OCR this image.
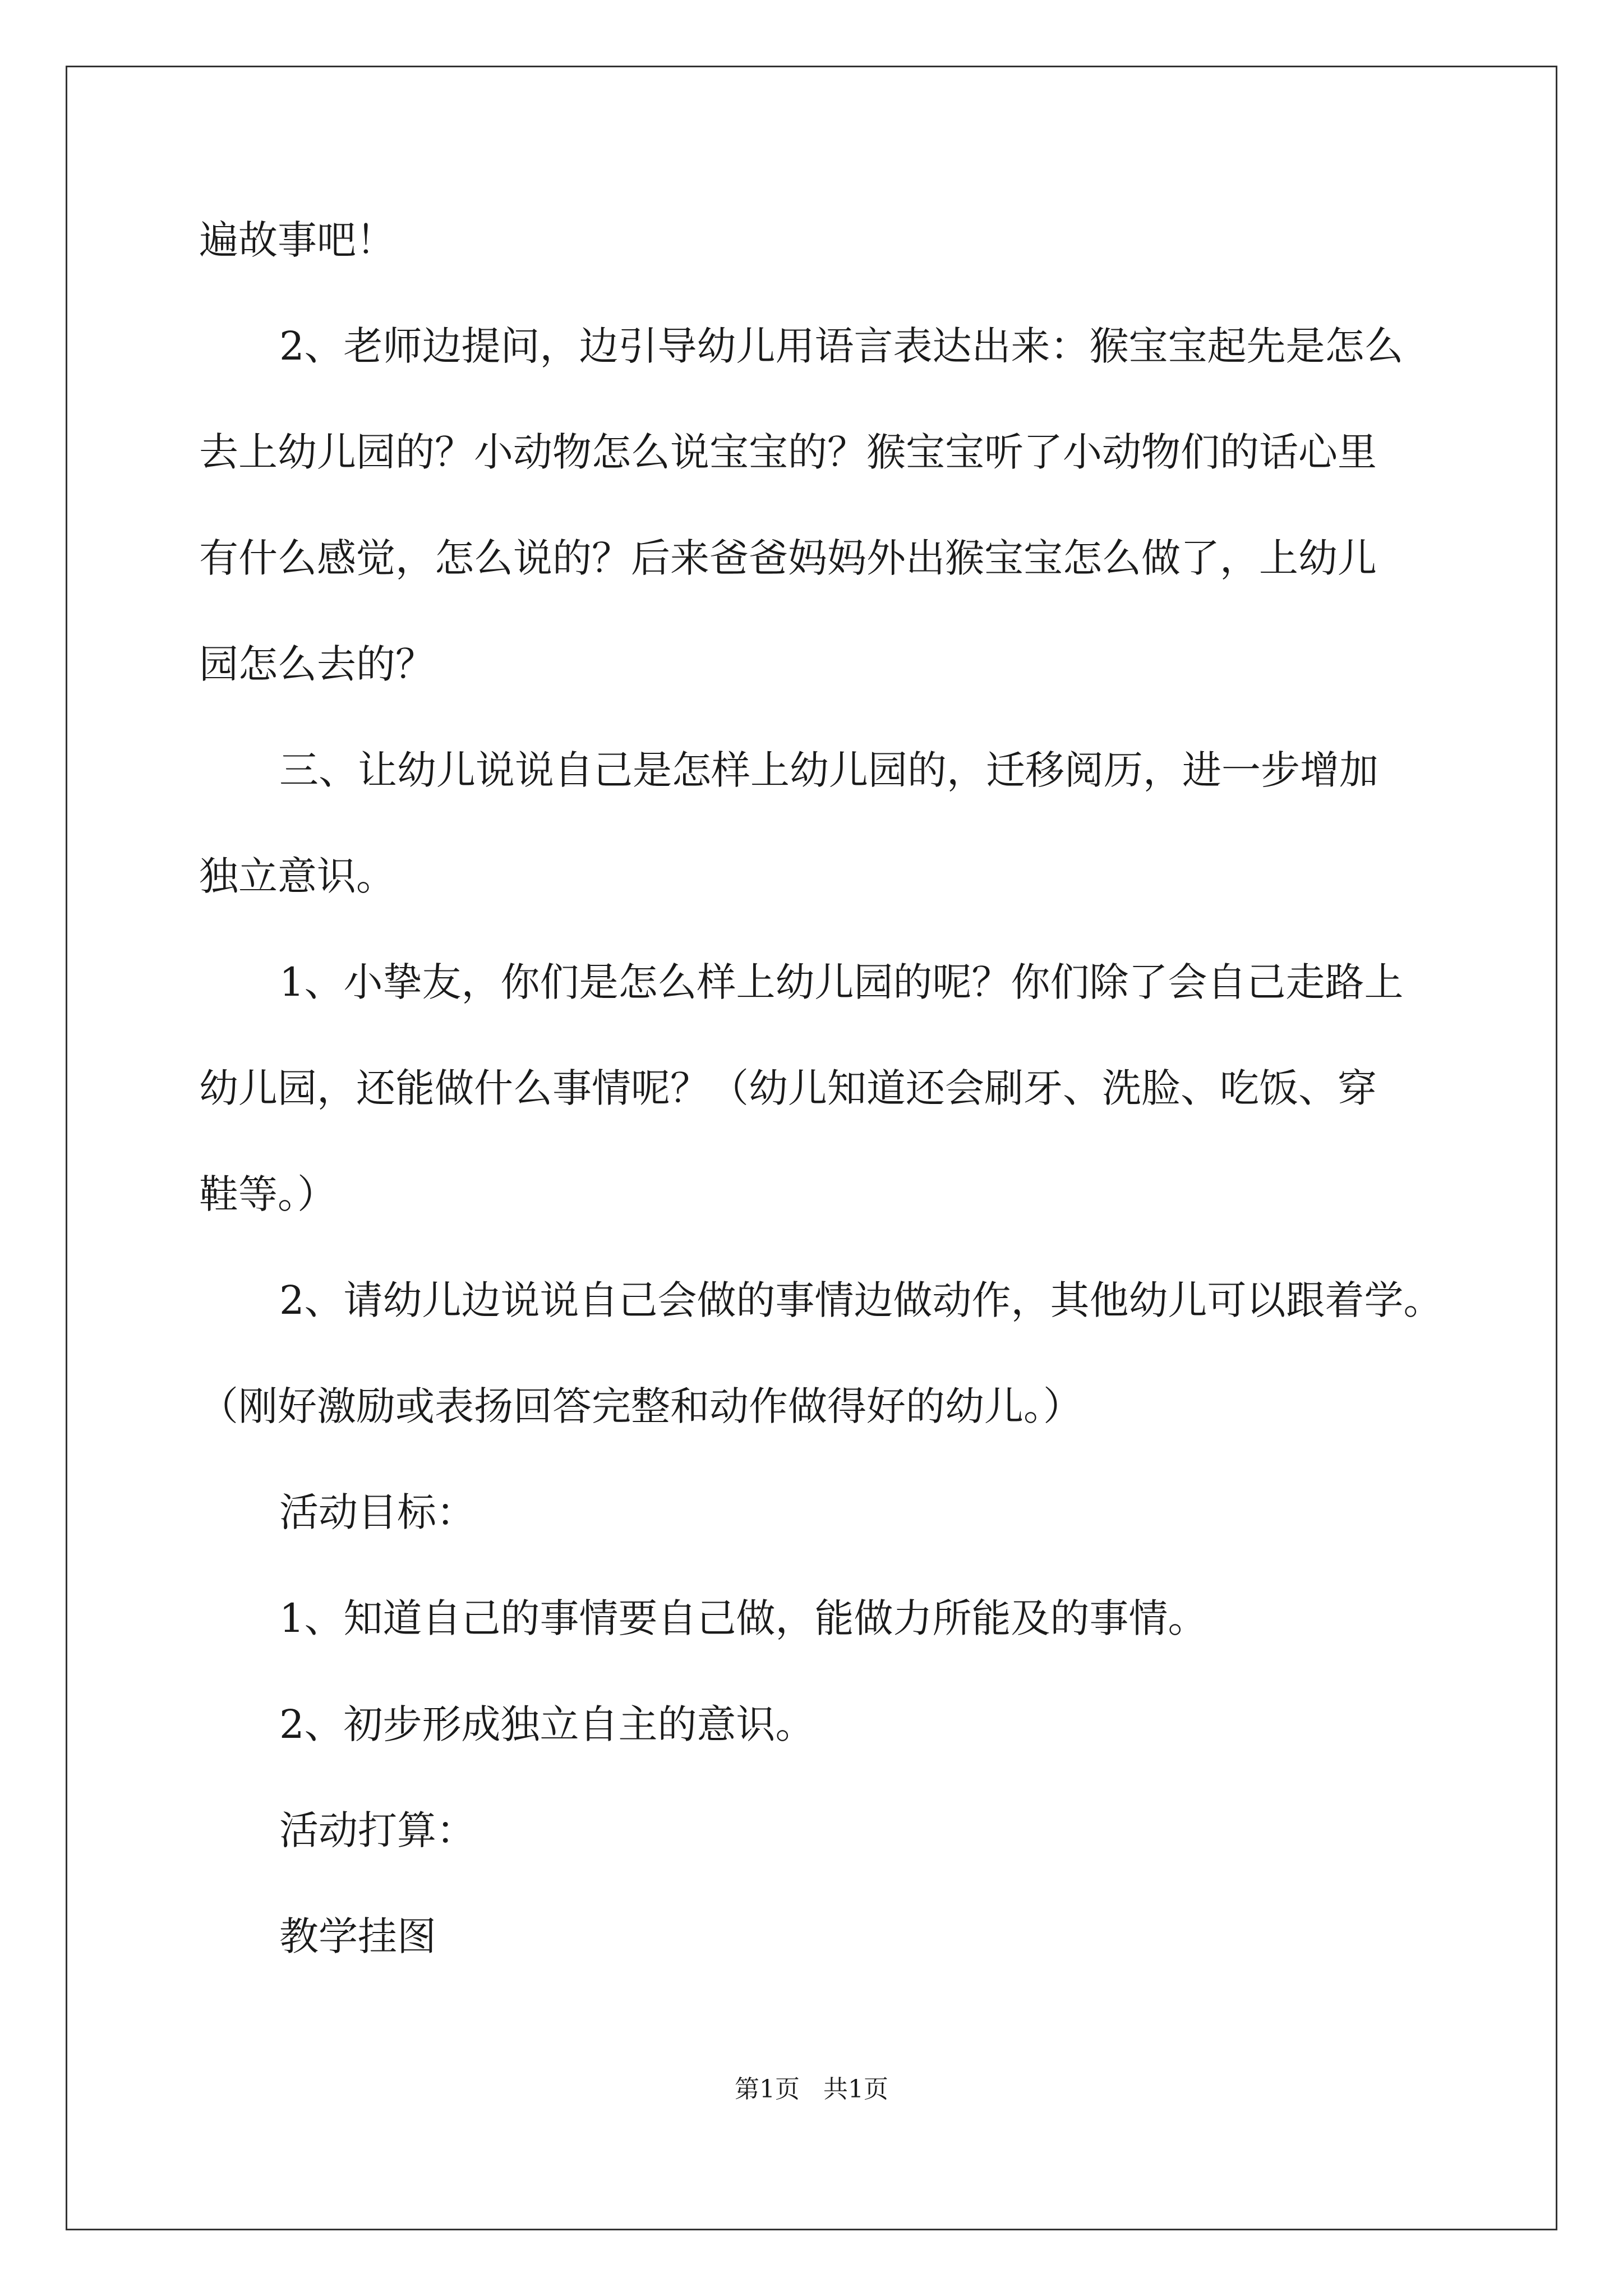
遍故事吧！
2、老师边提问，边引导幼儿用语言表达出来：猴宝宝起先是怎么
去上幼儿园的？小动物怎么说宝宝的？猴宝宝听了小动物们的话心里
有什么感觉，怎么说的？后来爸爸妈妈外出猴宝宝怎么做了，上幼儿
园怎么去的？
三、让幼儿说说自己是怎样上幼儿园的，迁移阅历，进一步增加
独立意识。
1、小挚友，你们是怎么样上幼儿园的呢？你们除了会自己走路上
幼儿园，还能做什么事情呢？（幼儿知道还会刷牙、洗脸、吃饭、穿
鞋等。）
2、请幼儿边说说自己会做的事情边做动作，其他幼儿可以跟着学。
（刚好激励或表扬回答完整和动作做得好的幼儿。）
活动目标：
1、知道自己的事情要自己做，能做力所能及的事情。
2、初步形成独立自主的意识。
活动打算：
教学挂图
第1页   共1页
